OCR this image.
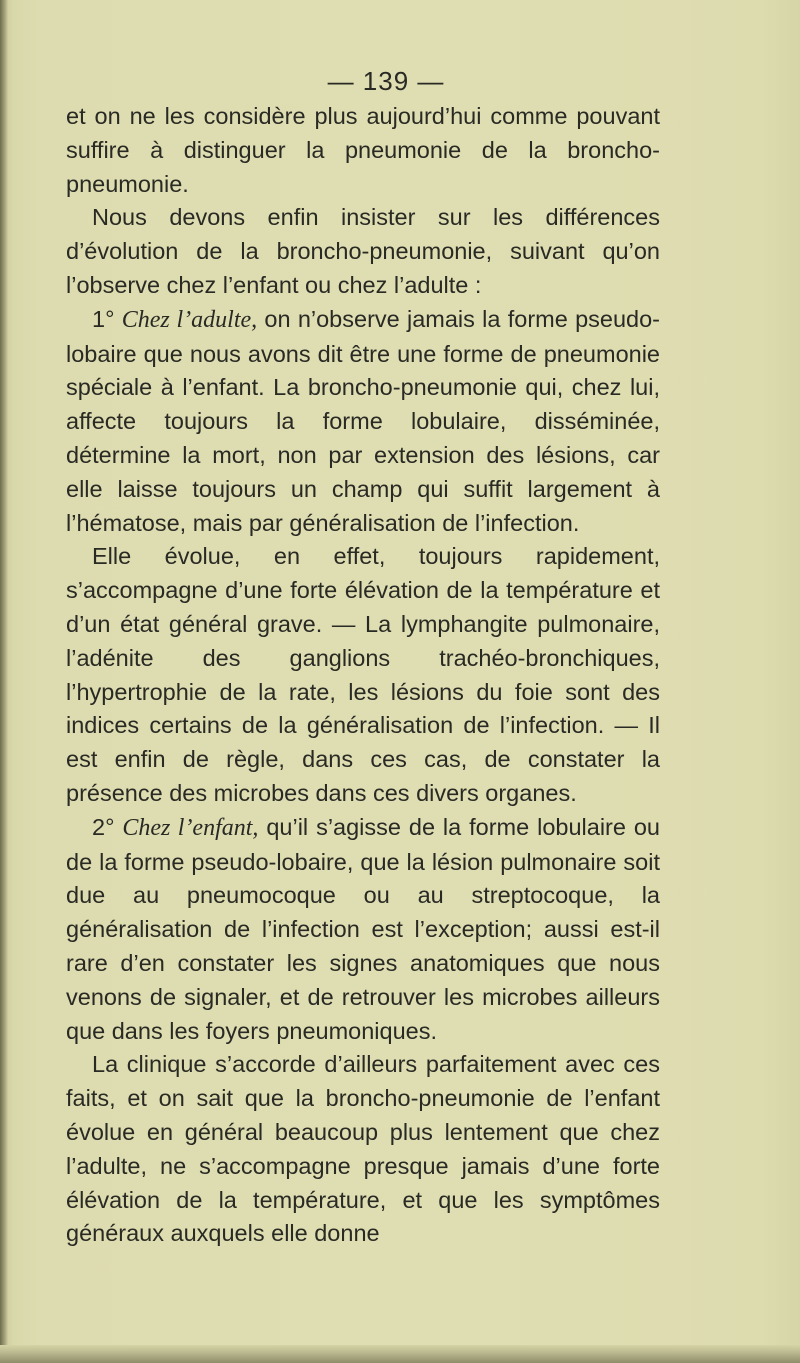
— 139 —

et on ne les considère plus aujourd’hui comme pouvant suffire à distinguer la pneumonie de la broncho-pneumonie.

Nous devons enfin insister sur les différences d’évolution de la broncho-pneumonie, suivant qu’on l’observe chez l’enfant ou chez l’adulte :

1° Chez l’adulte, on n’observe jamais la forme pseudo-lobaire que nous avons dit être une forme de pneumonie spéciale à l’enfant. La broncho-pneumonie qui, chez lui, affecte toujours la forme lobulaire, disséminée, détermine la mort, non par extension des lésions, car elle laisse toujours un champ qui suffit largement à l’hématose, mais par généralisation de l’infection.

Elle évolue, en effet, toujours rapidement, s’accompagne d’une forte élévation de la température et d’un état général grave. — La lymphangite pulmonaire, l’adénite des ganglions trachéo-bronchiques, l’hypertrophie de la rate, les lésions du foie sont des indices certains de la généralisation de l’infection. — Il est enfin de règle, dans ces cas, de constater la présence des microbes dans ces divers organes.

2° Chez l’enfant, qu’il s’agisse de la forme lobulaire ou de la forme pseudo-lobaire, que la lésion pulmonaire soit due au pneumocoque ou au streptocoque, la généralisation de l’infection est l’exception; aussi est-il rare d’en constater les signes anatomiques que nous venons de signaler, et de retrouver les microbes ailleurs que dans les foyers pneumoniques.

La clinique s’accorde d’ailleurs parfaitement avec ces faits, et on sait que la broncho-pneumonie de l’enfant évolue en général beaucoup plus lentement que chez l’adulte, ne s’accompagne presque jamais d’une forte élévation de la température, et que les symptômes généraux auxquels elle donne
